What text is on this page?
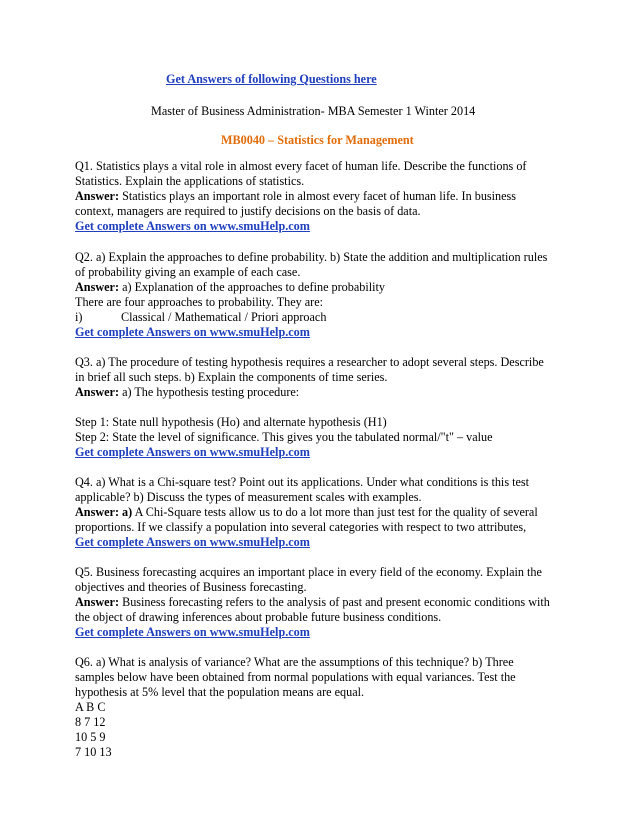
Get Answers of following Questions here
Master of Business Administration- MBA Semester 1 Winter 2014
MB0040 – Statistics for Management
Q1. Statistics plays a vital role in almost every facet of human life. Describe the functions of
Statistics. Explain the applications of statistics.
Answer: Statistics plays an important role in almost every facet of human life. In business
context, managers are required to justify decisions on the basis of data.
Get complete Answers on www.smuHelp.com
Q2. a) Explain the approaches to define probability. b) State the addition and multiplication rules
of probability giving an example of each case.
Answer: a) Explanation of the approaches to define probability
There are four approaches to probability. They are:
i)	Classical / Mathematical / Priori approach
Get complete Answers on www.smuHelp.com
Q3. a) The procedure of testing hypothesis requires a researcher to adopt several steps. Describe
in brief all such steps. b) Explain the components of time series.
Answer: a) The hypothesis testing procedure:
Step 1: State null hypothesis (Ho) and alternate hypothesis (H1)
Step 2: State the level of significance. This gives you the tabulated normal/"t" – value
Get complete Answers on www.smuHelp.com
Q4. a) What is a Chi-square test? Point out its applications. Under what conditions is this test
applicable? b) Discuss the types of measurement scales with examples.
Answer: a) A Chi-Square tests allow us to do a lot more than just test for the quality of several
proportions. If we classify a population into several categories with respect to two attributes,
Get complete Answers on www.smuHelp.com
Q5. Business forecasting acquires an important place in every field of the economy. Explain the
objectives and theories of Business forecasting.
Answer: Business forecasting refers to the analysis of past and present economic conditions with
the object of drawing inferences about probable future business conditions.
Get complete Answers on www.smuHelp.com
Q6. a) What is analysis of variance? What are the assumptions of this technique? b) Three
samples below have been obtained from normal populations with equal variances. Test the
hypothesis at 5% level that the population means are equal.
A B C
8 7 12
10 5 9
7 10 13
